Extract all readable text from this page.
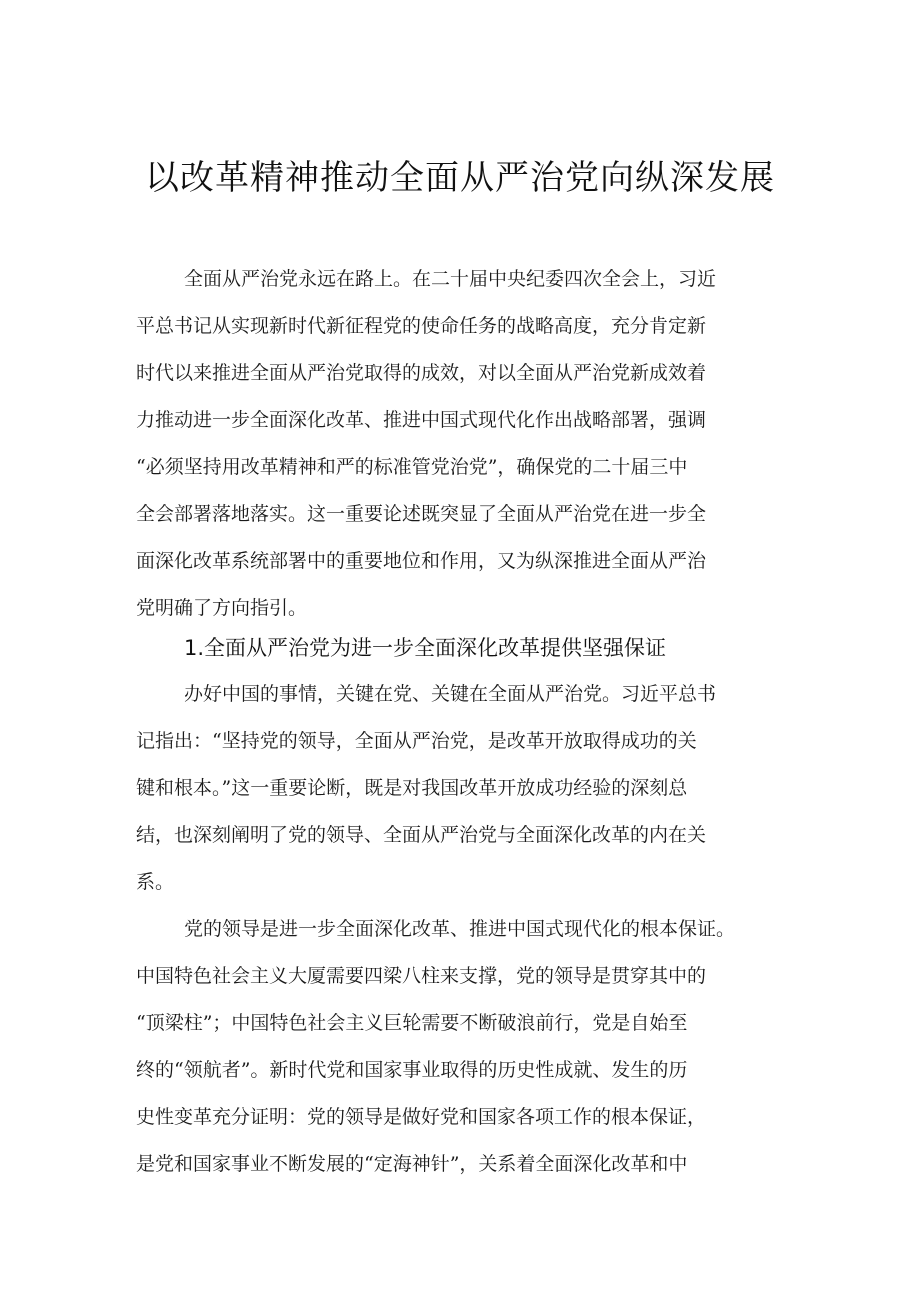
以改革精神推动全面从严治党向纵深发展

全面从严治党永远在路上。在二十届中央纪委四次全会上，习近

平总书记从实现新时代新征程党的使命任务的战略高度，充分肯定新

时代以来推进全面从严治党取得的成效，对以全面从严治党新成效着

力推动进一步全面深化改革、推进中国式现代化作出战略部署，强调

“必须坚持用改革精神和严的标准管党治党”，确保党的二十届三中

全会部署落地落实。这一重要论述既突显了全面从严治党在进一步全

面深化改革系统部署中的重要地位和作用，又为纵深推进全面从严治

党明确了方向指引。

1.全面从严治党为进一步全面深化改革提供坚强保证

办好中国的事情，关键在党、关键在全面从严治党。习近平总书

记指出：“坚持党的领导，全面从严治党，是改革开放取得成功的关

键和根本。”这一重要论断，既是对我国改革开放成功经验的深刻总

结，也深刻阐明了党的领导、全面从严治党与全面深化改革的内在关

系。

党的领导是进一步全面深化改革、推进中国式现代化的根本保证。

中国特色社会主义大厦需要四梁八柱来支撑，党的领导是贯穿其中的

“顶梁柱”；中国特色社会主义巨轮需要不断破浪前行，党是自始至

终的“领航者”。新时代党和国家事业取得的历史性成就、发生的历

史性变革充分证明：党的领导是做好党和国家各项工作的根本保证，

是党和国家事业不断发展的“定海神针”，关系着全面深化改革和中
